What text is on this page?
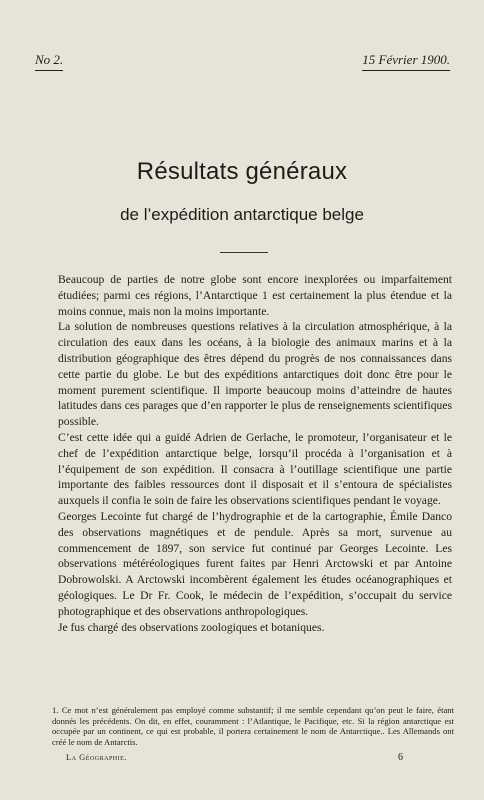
No 2.	15 Février 1900.
Résultats généraux
de l’expédition antarctique belge

Beaucoup de parties de notre globe sont encore inexplorées ou imparfaitement étudiées; parmi ces régions, l’Antarctique 1 est certainement la plus étendue et la moins connue, mais non la moins importante.

La solution de nombreuses questions relatives à la circulation atmosphérique, à la circulation des eaux dans les océans, à la biologie des animaux marins et à la distribution géographique des êtres dépend du progrès de nos connaissances dans cette partie du globe. Le but des expéditions antarctiques doit donc être pour le moment purement scientifique. Il importe beaucoup moins d’atteindre de hautes latitudes dans ces parages que d’en rapporter le plus de renseignements scientifiques possible.

C’est cette idée qui a guidé Adrien de Gerlache, le promoteur, l’organisateur et le chef de l’expédition antarctique belge, lorsqu’il procéda à l’organisation et à l’équipement de son expédition. Il consacra à l’outillage scientifique une partie importante des faibles ressources dont il disposait et il s’entoura de spécialistes auxquels il confia le soin de faire les observations scientifiques pendant le voyage.

Georges Lecointe fut chargé de l’hydrographie et de la cartographie, Émile Danco des observations magnétiques et de pendule. Après sa mort, survenue au commencement de 1897, son service fut continué par Georges Lecointe. Les observations météréologiques furent faites par Henri Arctowski et par Antoine Dobrowolski. A Arctowski incombèrent également les études océanographiques et géologiques. Le Dr Fr. Cook, le médecin de l’expédition, s’occupait du service photographique et des observations anthropologiques.

Je fus chargé des observations zoologiques et botaniques.

1. Ce mot n’est généralement pas employé comme substantif; il me semble cependant qu’on peut le faire, étant donnés les précédents. On dit, en effet, couramment : l’Atlantique, le Pacifique, etc. Si la région antarctique est occupée par un continent, ce qui est probable, il portera certainement le nom de Antarctique.. Les Allemands ont créé le nom de Antarctis.
La Géographie.	6
